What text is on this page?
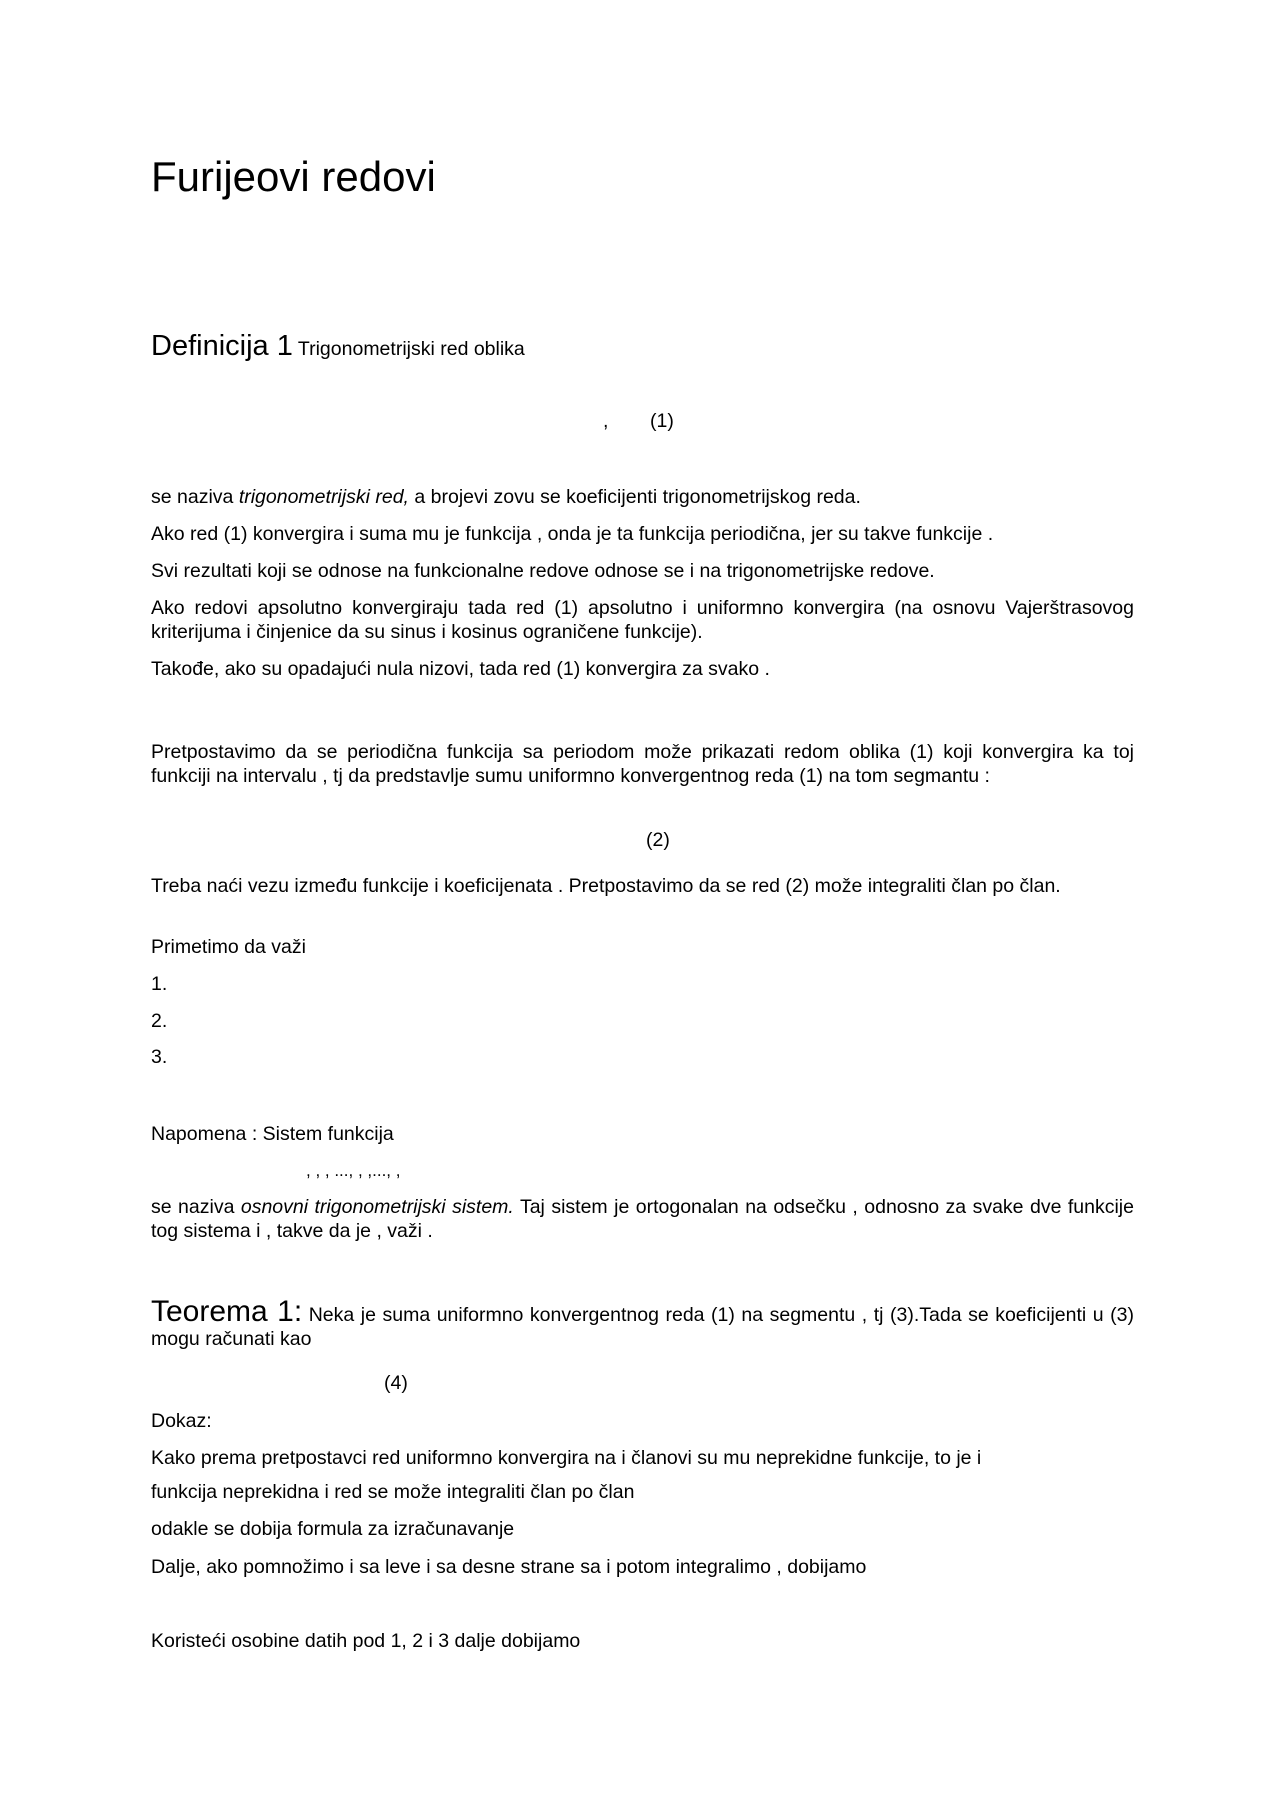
Furijeovi redovi

Definicija 1 Trigonometrijski red oblika

, (1)

se naziva trigonometrijski red, a brojevi zovu se koeficijenti trigonometrijskog reda.

Ako red (1) konvergira i suma mu je funkcija , onda je ta funkcija periodična, jer su takve funkcije .

Svi rezultati koji se odnose na funkcionalne redove odnose se i na trigonometrijske redove.

Ako redovi apsolutno konvergiraju tada red (1) apsolutno i uniformno konvergira (na osnovu Vajerštrasovog kriterijuma i činjenice da su sinus i kosinus ograničene funkcije).

Takođe, ako su opadajući nula nizovi, tada red (1) konvergira za svako .

Pretpostavimo da se periodična funkcija sa periodom može prikazati redom oblika (1) koji konvergira ka toj funkciji na intervalu , tj da predstavlje sumu uniformno konvergentnog reda (1) na tom segmantu :

(2)

Treba naći vezu između funkcije i koeficijenata . Pretpostavimo da se red (2) može integraliti član po član.

Primetimo da važi

1.
2.
3.

Napomena : Sistem funkcija

, , , ..., , ,..., ,

se naziva osnovni trigonometrijski sistem. Taj sistem je ortogonalan na odsečku , odnosno za svake dve funkcije tog sistema i , takve da je , važi .

Teorema 1: Neka je suma uniformno konvergentnog reda (1) na segmentu , tj (3).Tada se koeficijenti u (3) mogu računati kao

(4)

Dokaz:

Kako prema pretpostavci red uniformno konvergira na i članovi su mu neprekidne funkcije, to je i

funkcija neprekidna i red se može integraliti član po član

odakle se dobija formula za izračunavanje

Dalje, ako pomnožimo i sa leve i sa desne strane sa i potom integralimo , dobijamo

Koristeći osobine datih pod 1, 2 i 3 dalje dobijamo
